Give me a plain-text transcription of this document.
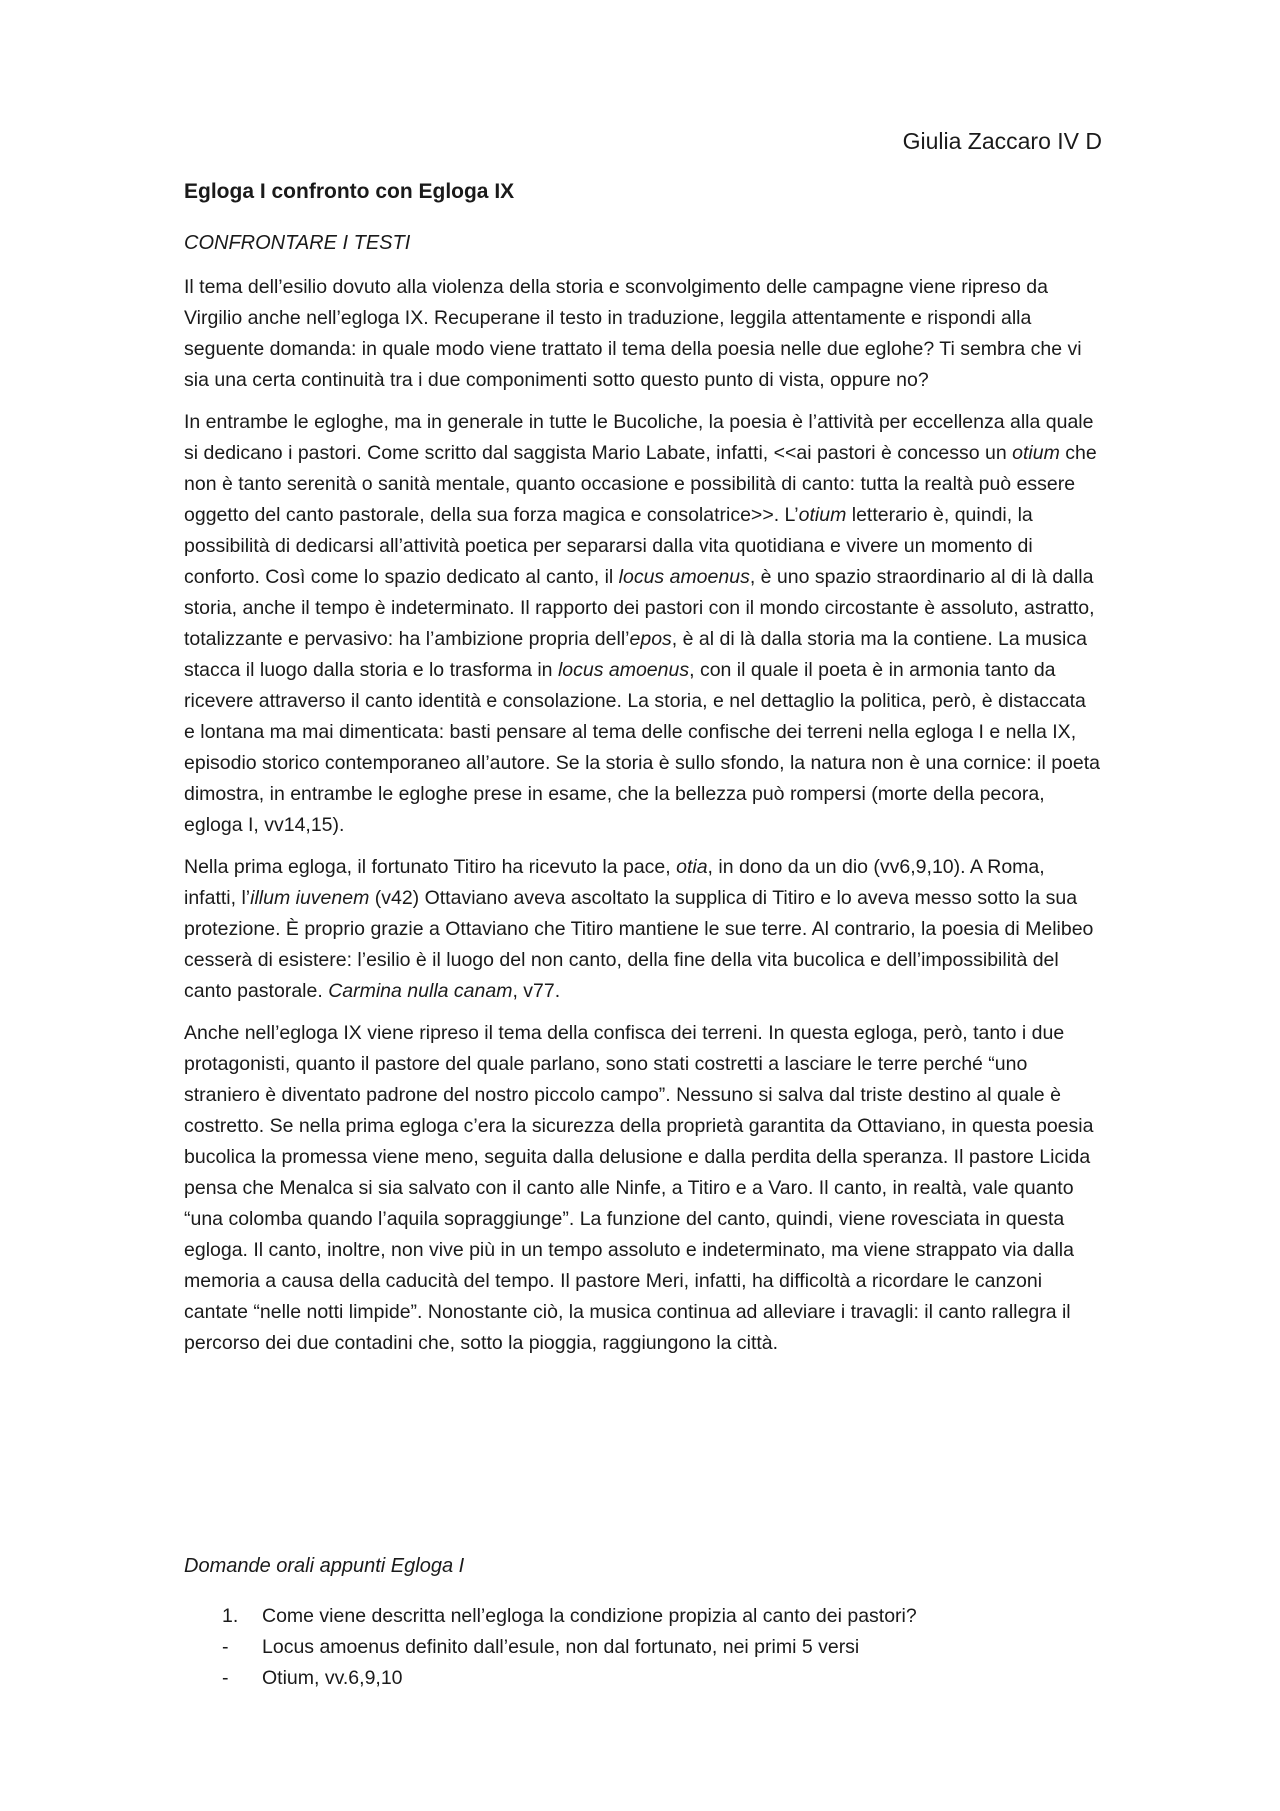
Giulia Zaccaro IV D
Egloga I confronto con Egloga IX
CONFRONTARE I TESTI

Il tema dell’esilio dovuto alla violenza della storia e sconvolgimento delle campagne viene ripreso da Virgilio anche nell’egloga IX. Recuperane il testo in traduzione, leggila attentamente e rispondi alla seguente domanda: in quale modo viene trattato il tema della poesia nelle due eglohe? Ti sembra che vi sia una certa continuità tra i due componimenti sotto questo punto di vista, oppure no?

In entrambe le egloghe, ma in generale in tutte le Bucoliche, la poesia è l’attività per eccellenza alla quale si dedicano i pastori. Come scritto dal saggista Mario Labate, infatti, <<ai pastori è concesso un otium che non è tanto serenità o sanità mentale, quanto occasione e possibilità di canto: tutta la realtà può essere oggetto del canto pastorale, della sua forza magica e consolatrice>>. L’otium letterario è, quindi, la possibilità di dedicarsi all’attività poetica per separarsi dalla vita quotidiana e vivere un momento di conforto. Così come lo spazio dedicato al canto, il locus amoenus, è uno spazio straordinario al di là dalla storia, anche il tempo è indeterminato. Il rapporto dei pastori con il mondo circostante è assoluto, astratto, totalizzante e pervasivo: ha l’ambizione propria dell’epos, è al di là dalla storia ma la contiene. La musica stacca il luogo dalla storia e lo trasforma in locus amoenus, con il quale il poeta è in armonia tanto da ricevere attraverso il canto identità e consolazione. La storia, e nel dettaglio la politica, però, è distaccata e lontana ma mai dimenticata: basti pensare al tema delle confische dei terreni nella egloga I e nella IX, episodio storico contemporaneo all’autore. Se la storia è sullo sfondo, la natura non è una cornice: il poeta dimostra, in entrambe le egloghe prese in esame, che la bellezza può rompersi (morte della pecora, egloga I, vv14,15).

Nella prima egloga, il fortunato Titiro ha ricevuto la pace, otia, in dono da un dio (vv6,9,10). A Roma, infatti, l’illum iuvenem (v42) Ottaviano aveva ascoltato la supplica di Titiro e lo aveva messo sotto la sua protezione. È proprio grazie a Ottaviano che Titiro mantiene le sue terre. Al contrario, la poesia di Melibeo cesserà di esistere: l’esilio è il luogo del non canto, della fine della vita bucolica e dell’impossibilità del canto pastorale. Carmina nulla canam, v77.

Anche nell’egloga IX viene ripreso il tema della confisca dei terreni. In questa egloga, però, tanto i due protagonisti, quanto il pastore del quale parlano, sono stati costretti a lasciare le terre perché “uno straniero è diventato padrone del nostro piccolo campo”. Nessuno si salva dal triste destino al quale è costretto. Se nella prima egloga c’era la sicurezza della proprietà garantita da Ottaviano, in questa poesia bucolica la promessa viene meno, seguita dalla delusione e dalla perdita della speranza. Il pastore Licida pensa che Menalca si sia salvato con il canto alle Ninfe, a Titiro e a Varo. Il canto, in realtà, vale quanto “una colomba quando l’aquila sopraggiunge”. La funzione del canto, quindi, viene rovesciata in questa egloga. Il canto, inoltre, non vive più in un tempo assoluto e indeterminato, ma viene strappato via dalla memoria a causa della caducità del tempo. Il pastore Meri, infatti, ha difficoltà a ricordare le canzoni cantate “nelle notti limpide”. Nonostante ciò, la musica continua ad alleviare i travagli: il canto rallegra il percorso dei due contadini che, sotto la pioggia, raggiungono la città.

Domande orali appunti Egloga I
1. Come viene descritta nell’egloga la condizione propizia al canto dei pastori?
- Locus amoenus definito dall’esule, non dal fortunato, nei primi 5 versi
- Otium, vv.6,9,10
